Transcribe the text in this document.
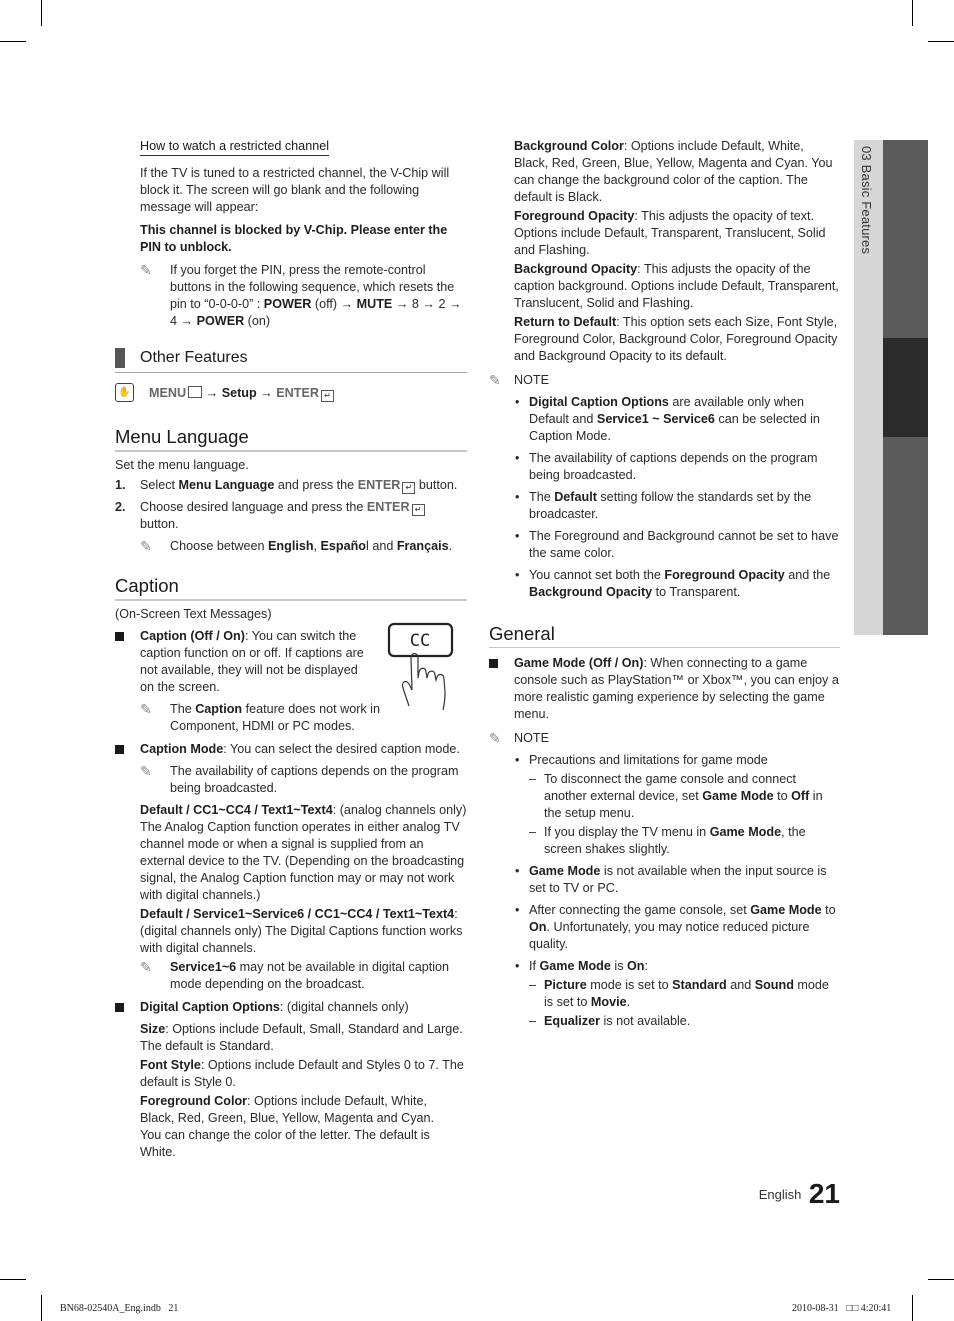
03 Basic Features

How to watch a restricted channel

If the TV is tuned to a restricted channel, the V-Chip will block it. The screen will go blank and the following message will appear:

This channel is blocked by V-Chip. Please enter the PIN to unblock.

✎ If you forget the PIN, press the remote-control buttons in the following sequence, which resets the pin to “0-0-0-0” : POWER (off) → MUTE → 8 → 2 → 4 → POWER (on)
Other Features
✋ MENU → Setup → ENTER ↵
Menu Language

Set the menu language.

1. Select Menu Language and press the ENTER ↵ button.
2. Choose desired language and press the ENTER ↵
button.
✎ Choose between English, Español and Français.
Caption

(On-Screen Text Messages)

Caption (Off / On): You can switch the caption function on or off. If captions are not available, they will not be displayed on the screen.
✎ The Caption feature does not work in Component, HDMI or PC modes.
CC
Caption Mode: You can select the desired caption mode.
✎ The availability of captions depends on the program being broadcasted.

Default / CC1~CC4 / Text1~Text4: (analog channels only) The Analog Caption function operates in either analog TV channel mode or when a signal is supplied from an external device to the TV. (Depending on the broadcasting signal, the Analog Caption function may or may not work with digital channels.)

Default / Service1~Service6 / CC1~CC4 / Text1~Text4: (digital channels only) The Digital Captions function works with digital channels.

✎ Service1~6 may not be available in digital caption mode depending on the broadcast.
Digital Caption Options: (digital channels only)

Size: Options include Default, Small, Standard and Large. The default is Standard.

Font Style: Options include Default and Styles 0 to 7. The default is Style 0.

Foreground Color: Options include Default, White, Black, Red, Green, Blue, Yellow, Magenta and Cyan. You can change the color of the letter. The default is White.

Background Color: Options include Default, White, Black, Red, Green, Blue, Yellow, Magenta and Cyan. You can change the background color of the caption. The default is Black.

Foreground Opacity: This adjusts the opacity of text. Options include Default, Transparent, Translucent, Solid and Flashing.

Background Opacity: This adjusts the opacity of the caption background. Options include Default, Transparent, Translucent, Solid and Flashing.

Return to Default: This option sets each Size, Font Style, Foreground Color, Background Color, Foreground Opacity and Background Opacity to its default.

✎ NOTE
• Digital Caption Options are available only when Default and Service1 ~ Service6 can be selected in Caption Mode.
• The availability of captions depends on the program being broadcasted.
• The Default setting follow the standards set by the broadcaster.
• The Foreground and Background cannot be set to have the same color.
• You cannot set both the Foreground Opacity and the Background Opacity to Transparent.
General
Game Mode (Off / On): When connecting to a game console such as PlayStation™ or Xbox™, you can enjoy a more realistic gaming experience by selecting the game menu.
✎ NOTE
• Precautions and limitations for game mode
– To disconnect the game console and connect another external device, set Game Mode to Off in the setup menu.
– If you display the TV menu in Game Mode, the screen shakes slightly.
• Game Mode is not available when the input source is set to TV or PC.
• After connecting the game console, set Game Mode to On. Unfortunately, you may notice reduced picture quality.
• If Game Mode is On:
– Picture mode is set to Standard and Sound mode is set to Movie.
– Equalizer is not available.
English 21
BN68-02540A_Eng.indb   21	2010-08-31   □□ 4:20:41
